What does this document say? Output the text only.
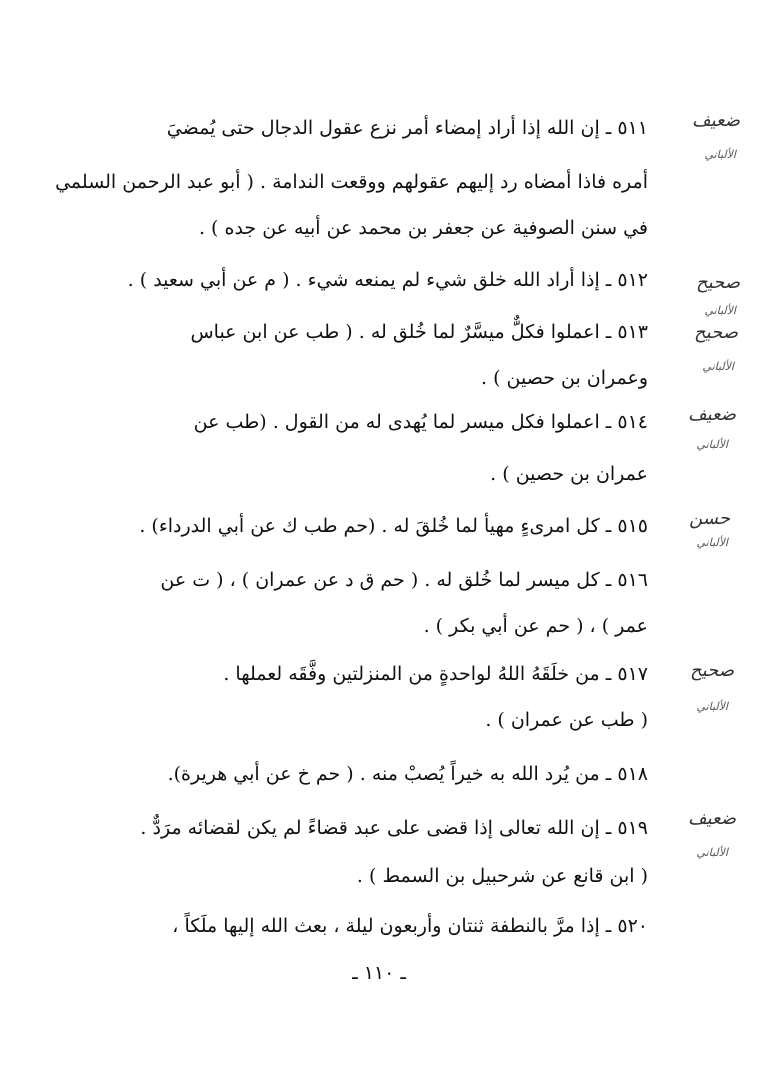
٥١١ ـ إن الله إذا أراد إمضاء أمر نزع عقول الدجال حتى يُمضيَ
أمره فاذا أمضاه رد إليهم عقولهم ووقعت الندامة . ( أبو عبد الرحمن السلمي
في سنن الصوفية عن جعفر بن محمد عن أبيه عن جده ) .
٥١٢ ـ إذا أراد الله خلق شيء لم يمنعه شيء . ( م عن أبي سعيد ) .
٥١٣ ـ اعملوا فكلٌّ ميسَّرٌ لما خُلق له . ( طب عن ابن عباس
وعمران بن حصين ) .
٥١٤ ـ اعملوا فكل ميسر لما يُهدى له من القول . (طب عن
عمران بن حصين ) .
٥١٥ ـ كل امرىءٍ مهيأ لما خُلقَ له . (حم طب ك عن أبي الدرداء) .
٥١٦ ـ كل ميسر لما خُلق له . ( حم ق د عن عمران ) ، ( ت عن
عمر ) ، ( حم عن أبي بكر ) .
٥١٧ ـ من خلَقَهُ اللهُ لواحدةٍ من المنزلتين وفَّقَه لعملها .
( طب عن عمران ) .
٥١٨ ـ من يُرد الله به خيراً يُصبْ منه . ( حم خ عن أبي هريرة).
٥١٩ ـ إن الله تعالى إذا قضى على عبد قضاءً لم يكن لقضائه مرَدٌّ .
( ابن قانع عن شرحبيل بن السمط ) .
٥٢٠ ـ إذا مرَّ بالنطفة ثنتان وأربعون ليلة ، بعث الله إليها ملَكاً ،
ضعيف
الألباني
صحيح
الألباني
صحيح
الألباني
ضعيف
الألباني
حسن
الألباني
صحيح
الألباني
ضعيف
الألباني
ـ ١١٠ ـ
